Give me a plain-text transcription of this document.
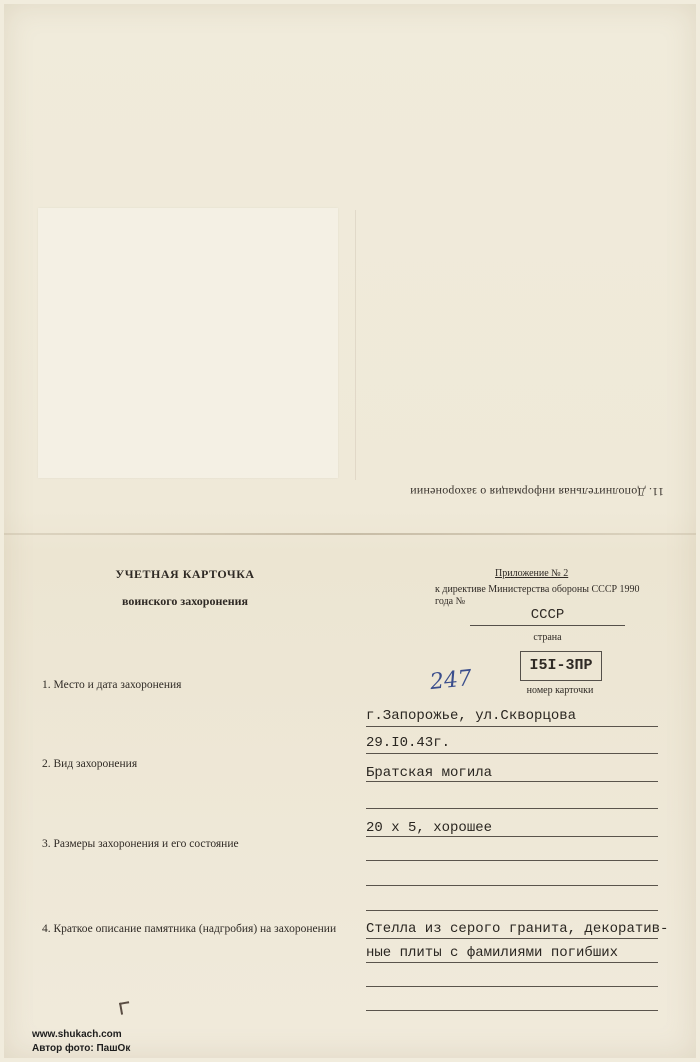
11. Дополнительная информация о захоронении
УЧЕТНАЯ КАРТОЧКА
воинского захоронения
Приложение № 2
к директиве Министерства обороны СССР 1990 года №
СССР
страна
I5I-3ПР
номер карточки
247
1. Место и дата захоронения
г.Запорожье, ул.Скворцова
29.I0.43г.
2. Вид захоронения
Братская могила
3. Размеры захоронения и его состояние
20 х 5, хорошее
4. Краткое описание памятника (надгробия) на захоронении	Стелла из серого гранита, декоратив-
ные плиты с фамилиями погибших
www.shukach.com
Автор фото: ПашОк
